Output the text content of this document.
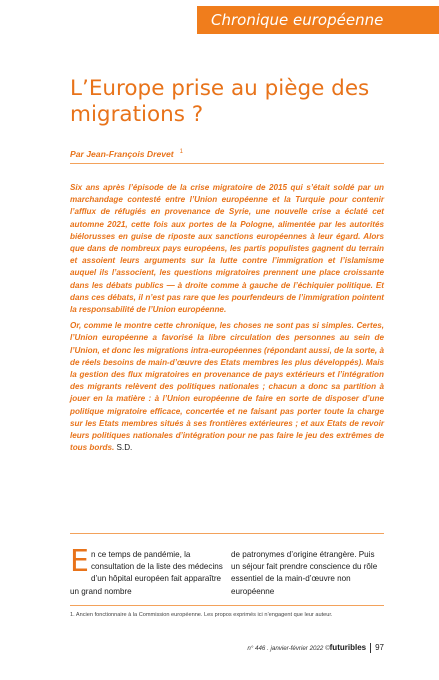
Chronique européenne
L’Europe prise au piège des migrations ?
Par Jean-François Drevet $^1$

Six ans après l’épisode de la crise migratoire de 2015 qui s’était soldé par un marchandage contesté entre l’Union européenne et la Turquie pour contenir l’afflux de réfugiés en provenance de Syrie, une nouvelle crise a éclaté cet automne 2021, cette fois aux portes de la Pologne, alimentée par les autorités biélorusses en guise de riposte aux sanctions européennes à leur égard. Alors que dans de nombreux pays européens, les partis populistes gagnent du terrain et assoient leurs arguments sur la lutte contre l’immigration et l’islamisme auquel ils l’associent, les questions migratoires prennent une place croissante dans les débats publics — à droite comme à gauche de l’échiquier politique. Et dans ces débats, il n’est pas rare que les pourfendeurs de l’immigration pointent la responsabilité de l’Union européenne.

Or, comme le montre cette chronique, les choses ne sont pas si simples. Certes, l’Union européenne a favorisé la libre circulation des personnes au sein de l’Union, et donc les migrations intra-européennes (répondant aussi, de la sorte, à de réels besoins de main-d’œuvre des Etats membres les plus développés). Mais la gestion des flux migratoires en provenance de pays extérieurs et l’intégration des migrants relèvent des politiques nationales ; chacun a donc sa partition à jouer en la matière : à l’Union européenne de faire en sorte de disposer d’une politique migratoire efficace, concertée et ne faisant pas porter toute la charge sur les Etats membres situés à ses frontières extérieures ; et aux Etats de revoir leurs politiques nationales d’intégration pour ne pas faire le jeu des extrêmes de tous bords. S.D.

En ce temps de pandémie, la consultation de la liste des médecins d’un hôpital européen fait apparaître un grand nombre

de patronymes d’origine étrangère. Puis un séjour fait prendre conscience du rôle essentiel de la main-d’œuvre non européenne

1. Ancien fonctionnaire à la Commission européenne. Les propos exprimés ici n’engagent que leur auteur.
n° 446 . janvier-février 2022 ©futuribles 97
